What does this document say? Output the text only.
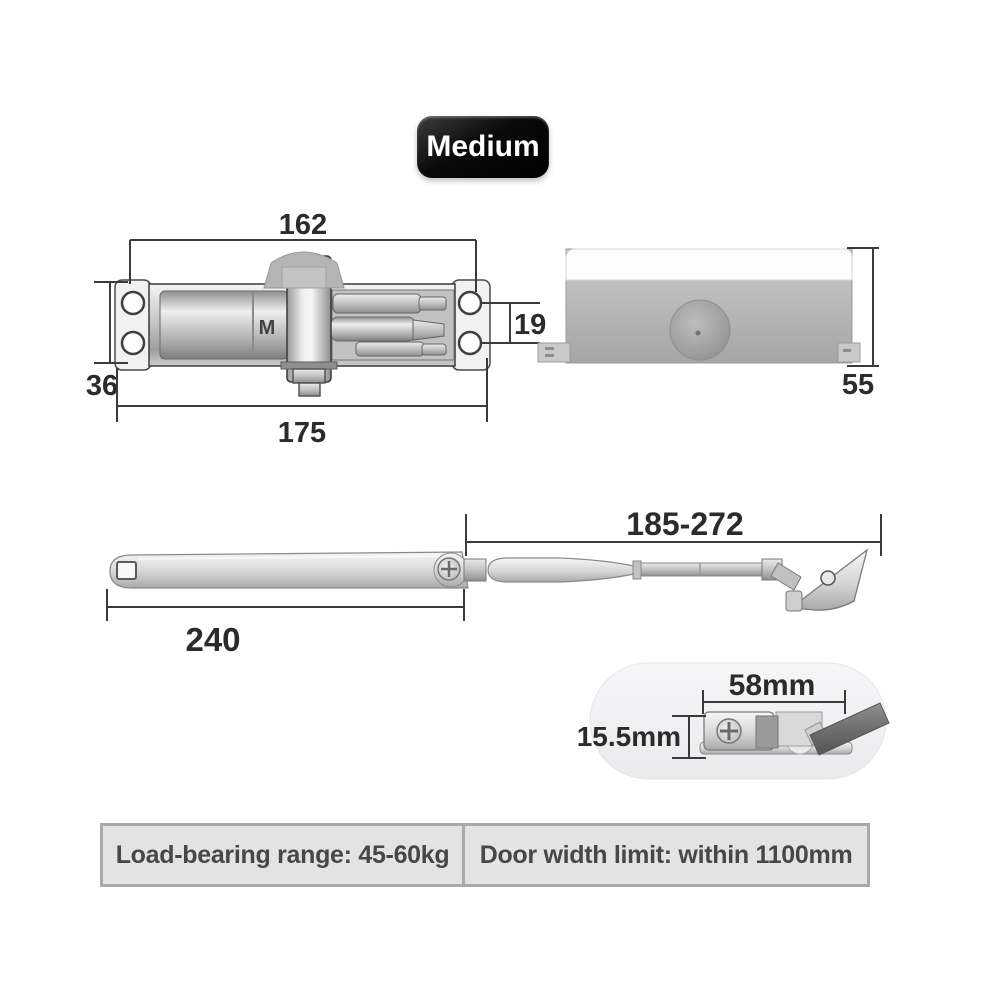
Medium
M
162
36
19
175
55
240
185-272
58mm
15.5mm
Load-bearing range: 45-60kg Door width limit: within 1100mm
